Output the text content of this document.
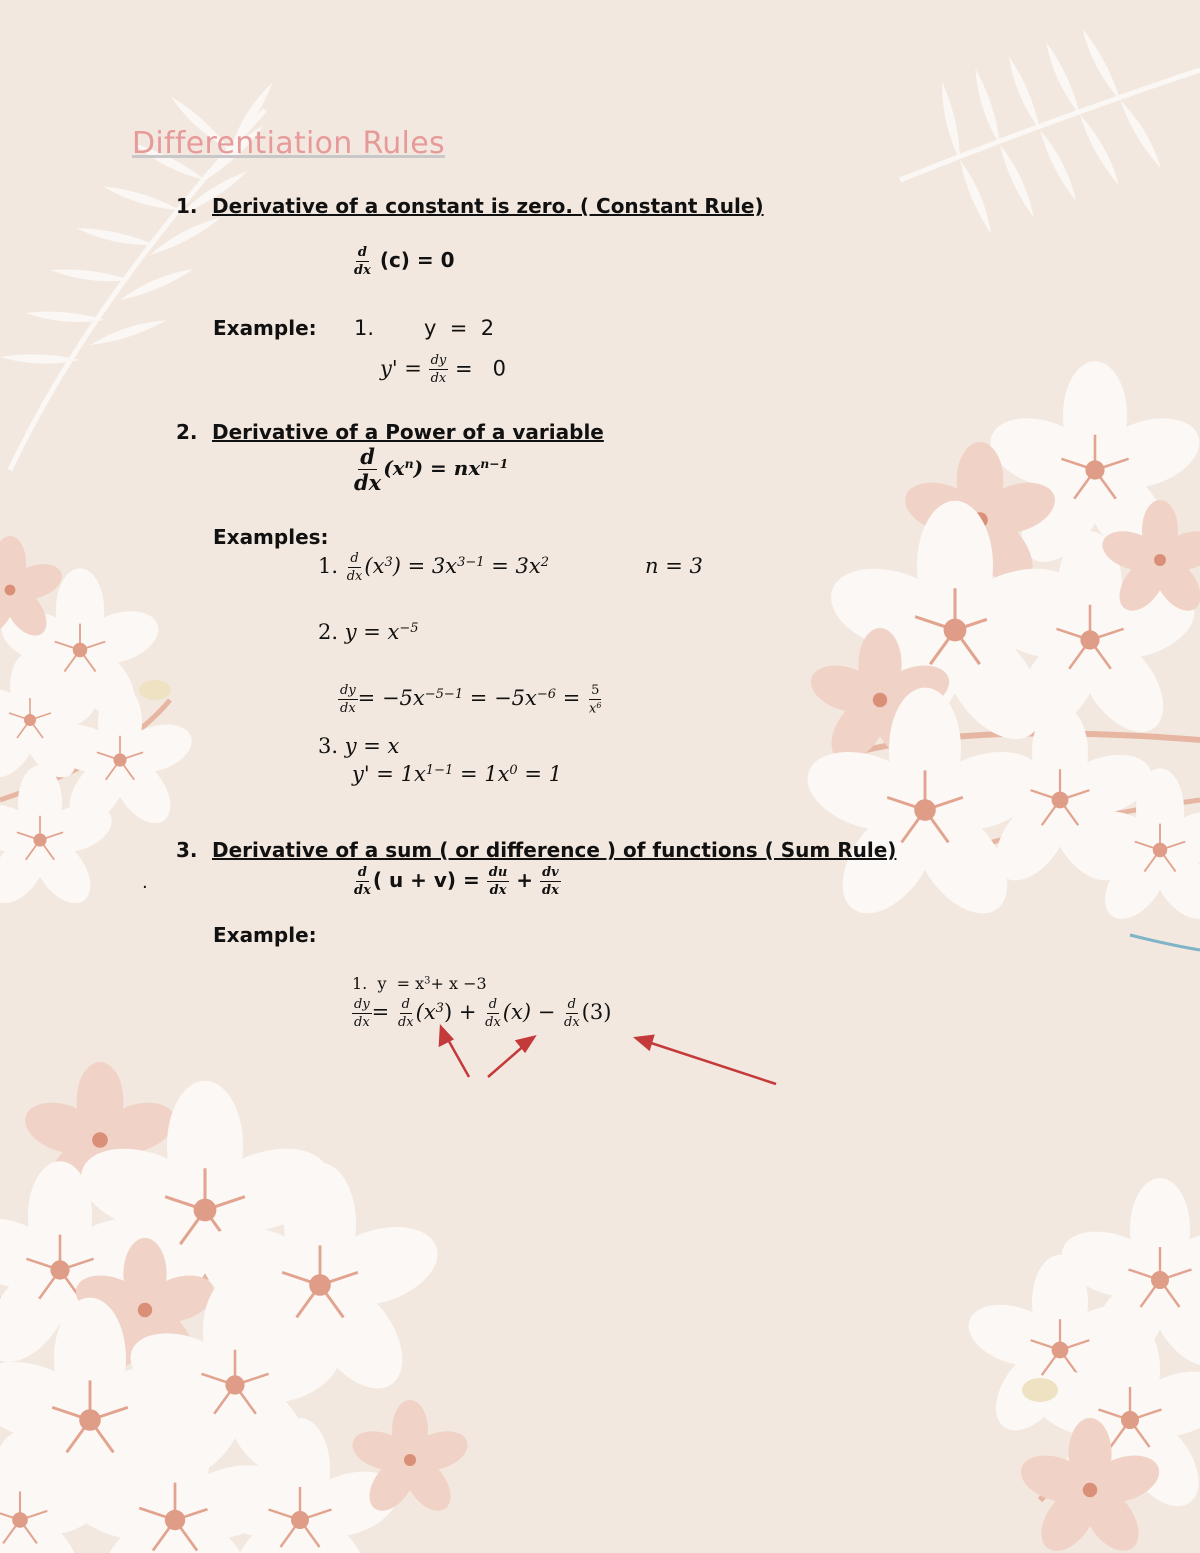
Differentiation Rules
1. Derivative of a constant is zero. ( Constant Rule)
$\frac{d}{dx} (c) = 0$
Example: 1. y  =  2
$y' = \frac{dy}{dx} = 0$
2. Derivative of a Power of a variable
$\frac{d}{dx} (x^n) = nx^{n-1}$
Examples:
1. $\frac{d}{dx} (x^3) = 3x^{3-1} = 3x^2$	n = 3
2. $y = x^{-5}$
$\frac{dy}{dx} = -5x^{-5-1} = -5x^{-6} = \frac{5}{x^6}$
3. y = x
$y' = 1x^{1-1} = 1x^0 = 1$
3. Derivative of a sum ( or difference ) of functions ( Sum Rule)
.	$\frac{d}{dx}$ ( $u + v) = \frac{du}{dx} + \frac{dv}{dx}$
Example:
1.  $y = x^3+ x -3$
$\frac{dy}{dx} = \frac{d}{dx} (x^3) + \frac{d}{dx} (x) - \frac{d}{dx} (3)$
